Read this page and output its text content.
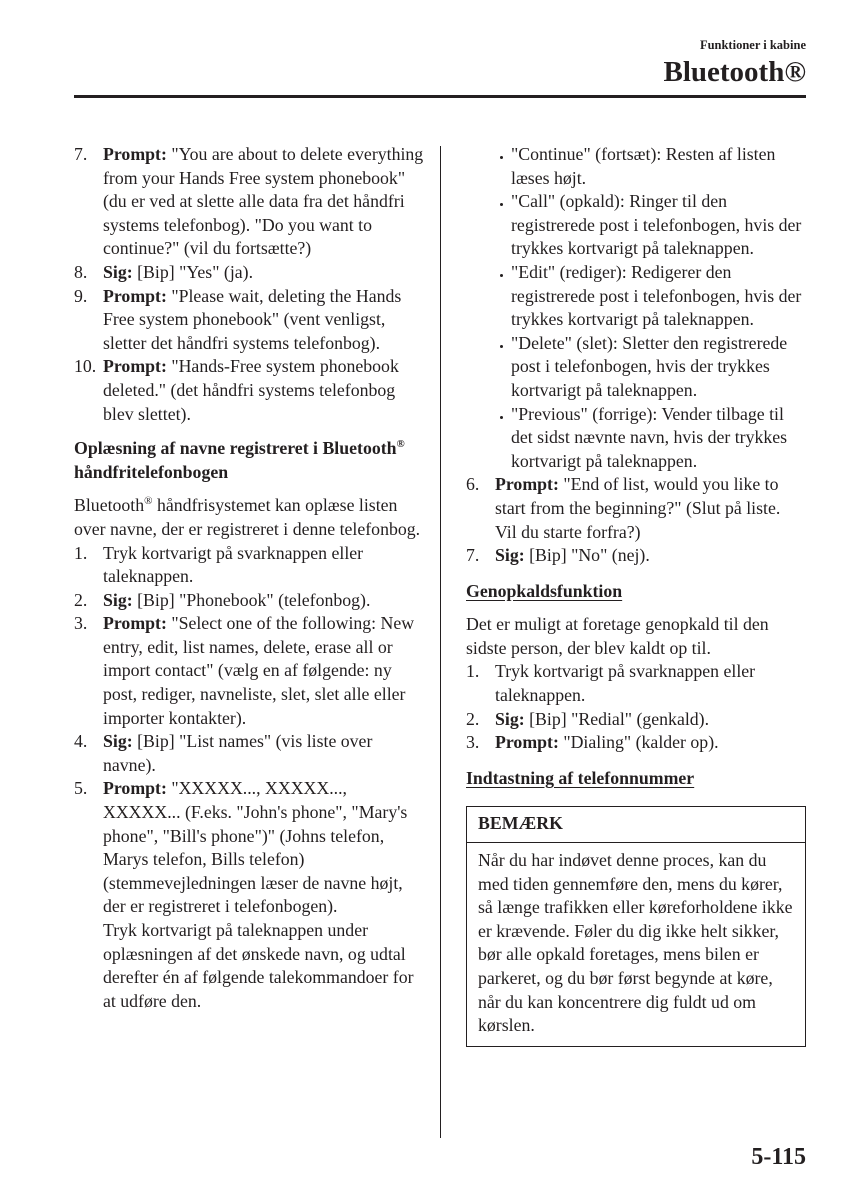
Funktioner i kabine
Bluetooth®
7. Prompt: "You are about to delete everything from your Hands Free system phonebook" (du er ved at slette alle data fra det håndfri systems telefonbog). "Do you want to continue?" (vil du fortsætte?)
8. Sig: [Bip] "Yes" (ja).
9. Prompt: "Please wait, deleting the Hands Free system phonebook" (vent venligst, sletter det håndfri systems telefonbog).
10. Prompt: "Hands-Free system phonebook deleted." (det håndfri systems telefonbog blev slettet).
Oplæsning af navne registreret i Bluetooth® håndfritelefonbogen
Bluetooth® håndfrisystemet kan oplæse listen over navne, der er registreret i denne telefonbog.
1. Tryk kortvarigt på svarknappen eller taleknappen.
2. Sig: [Bip] "Phonebook" (telefonbog).
3. Prompt: "Select one of the following: New entry, edit, list names, delete, erase all or import contact" (vælg en af følgende: ny post, rediger, navneliste, slet, slet alle eller importer kontakter).
4. Sig: [Bip] "List names" (vis liste over navne).
5. Prompt: "XXXXX..., XXXXX..., XXXXX... (F.eks. "John's phone", "Mary's phone", "Bill's phone")" (Johns telefon, Marys telefon, Bills telefon) (stemmevejledningen læser de navne højt, der er registreret i telefonbogen).
Tryk kortvarigt på taleknappen under oplæsningen af det ønskede navn, og udtal derefter én af følgende talekommandoer for at udføre den.
"Continue" (fortsæt): Resten af listen læses højt.
"Call" (opkald): Ringer til den registrerede post i telefonbogen, hvis der trykkes kortvarigt på taleknappen.
"Edit" (rediger): Redigerer den registrerede post i telefonbogen, hvis der trykkes kortvarigt på taleknappen.
"Delete" (slet): Sletter den registrerede post i telefonbogen, hvis der trykkes kortvarigt på taleknappen.
"Previous" (forrige): Vender tilbage til det sidst nævnte navn, hvis der trykkes kortvarigt på taleknappen.
6. Prompt: "End of list, would you like to start from the beginning?" (Slut på liste. Vil du starte forfra?)
7. Sig: [Bip] "No" (nej).
Genopkaldsfunktion
Det er muligt at foretage genopkald til den sidste person, der blev kaldt op til.
1. Tryk kortvarigt på svarknappen eller taleknappen.
2. Sig: [Bip] "Redial" (genkald).
3. Prompt: "Dialing" (kalder op).
Indtastning af telefonnummer
BEMÆRK
Når du har indøvet denne proces, kan du med tiden gennemføre den, mens du kører, så længe trafikken eller køreforholdene ikke er krævende. Føler du dig ikke helt sikker, bør alle opkald foretages, mens bilen er parkeret, og du bør først begynde at køre, når du kan koncentrere dig fuldt ud om kørslen.
5-115
